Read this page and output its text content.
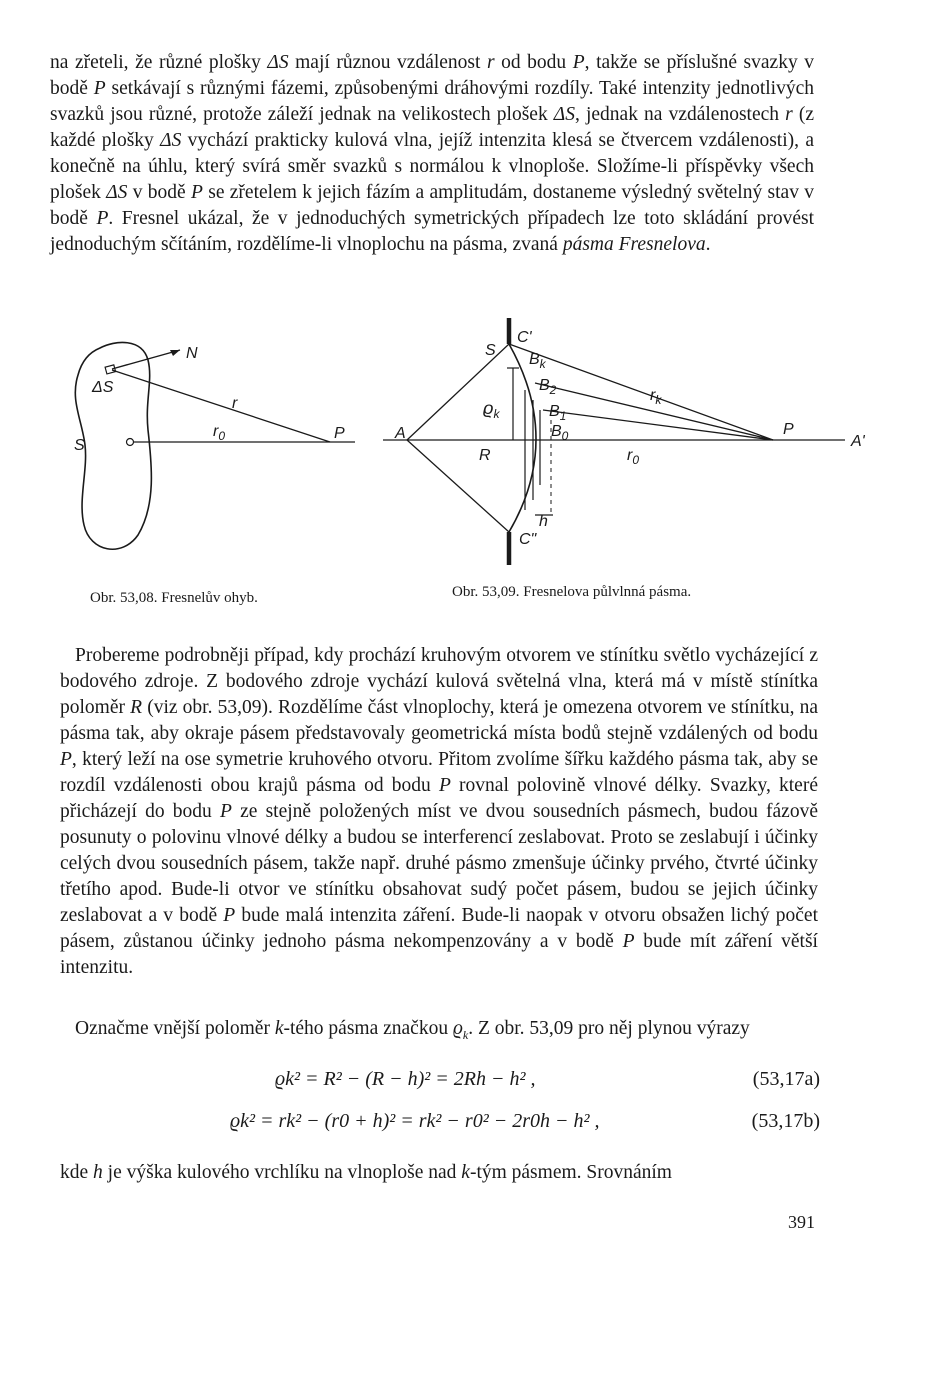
na zřeteli, že různé plošky ΔS mají různou vzdálenost r od bodu P, takže se příslušné svazky v bodě P setkávají s různými fázemi, způsobenými dráhovými rozdíly. Také intenzity jednotlivých svazků jsou různé, protože záleží jednak na velikostech plošek ΔS, jednak na vzdálenostech r (z každé plošky ΔS vychází prakticky kulová vlna, jejíž intenzita klesá se čtvercem vzdálenosti), a konečně na úhlu, který svírá směr svazků s normálou k vlnoploše. Složíme-li příspěvky všech plošek ΔS v bodě P se zřetelem k jejich fázím a amplitudám, dostaneme výsledný světelný stav v bodě P. Fresnel ukázal, že v jednoduchých symetrických případech lze toto skládání provést jednoduchým sčítáním, rozdělíme-li vlnoplochu na pásma, zvaná pásma Fresnelova.
N
ΔS
S
r
$r_0$	P
C'
S
$B_k$
$B_2$	$r_k$
$B_1$
$ϱ_k$
$B_0$
A	P
A'
R	$r_0$
h
C"
Obr. 53,08. Fresnelův ohyb.	Obr. 53,09. Fresnelova půlvlnná pásma.
Probereme podrobněji případ, kdy prochází kruhovým otvorem ve stínítku světlo vycházející z bodového zdroje. Z bodového zdroje vychází kulová světelná vlna, která má v místě stínítka poloměr R (viz obr. 53,09). Rozdělíme část vlnoplochy, která je omezena otvorem ve stínítku, na pásma tak, aby okraje pásem představovaly geometrická místa bodů stejně vzdálených od bodu P, který leží na ose symetrie kruhového otvoru. Přitom zvolíme šířku každého pásma tak, aby se rozdíl vzdálenosti obou krajů pásma od bodu P rovnal polovině vlnové délky. Svazky, které přicházejí do bodu P ze stejně položených míst ve dvou sousedních pásmech, budou fázově posunuty o polovinu vlnové délky a budou se interferencí zeslabovat. Proto se zeslabují i účinky celých dvou sousedních pásem, takže např. druhé pásmo zmenšuje účinky prvého, čtvrté účinky třetího apod. Bude-li otvor ve stínítku obsahovat sudý počet pásem, budou se jejich účinky zeslabovat a v bodě P bude malá intenzita záření. Bude-li naopak v otvoru obsažen lichý počet pásem, zůstanou účinky jednoho pásma nekompenzovány a v bodě P bude mít záření větší intenzitu.
Označme vnější poloměr k-tého pásma značkou $ϱ_k$. Z obr. 53,09 pro něj plynou výrazy
ϱk² = R² − (R − h)² = 2Rh − h² ,	(53,17a)
ϱk² = rk² − (r0 + h)² = rk² − r0² − 2r0h − h² ,	(53,17b)
kde h je výška kulového vrchlíku na vlnoploše nad k-tým pásmem. Srovnáním
391
